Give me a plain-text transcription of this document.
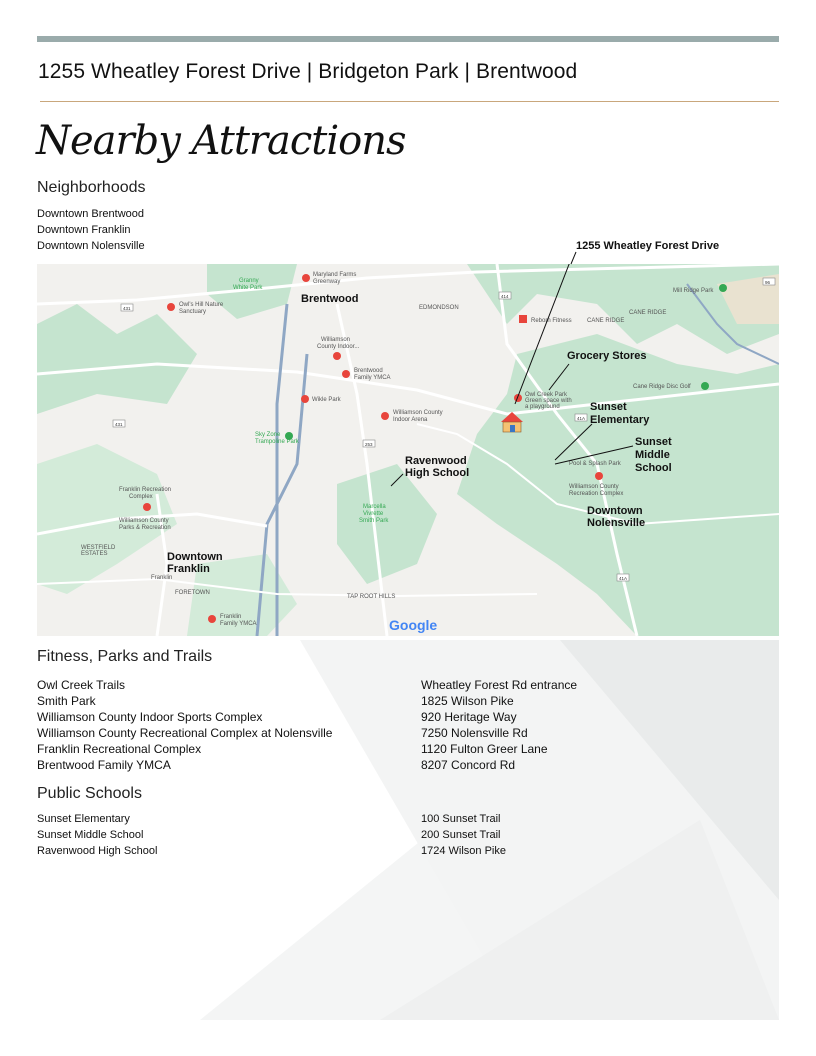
1255 Wheatley Forest Drive | Bridgeton Park | Brentwood
Nearby Attractions
Neighborhoods
Downtown Brentwood
Downtown Franklin
Downtown Nolensville
431
431
414
253
41A
41A
96
Maryland Farms
Greenway
Owl's Hill Nature
Sanctuary
Granny
White Park
EDMONDSON
Reborn Fitness	CANE RIDGE
CANE RIDGE
Mill Ridge Park
Williamson
County Indoor...
Brentwood
Family YMCA
Owl Creek Park
Green space with
a playground
Cane Ridge Disc Golf
Wikle Park
Williamson County
Indoor Arena
Sky Zone
Trampoline Park
Pool & Splash Park
Williamson County
Recreation Complex
Franklin Recreation
Complex
Williamson County
Parks & Recreation
Marcella
Vivrette
Smith Park
WESTFIELD
ESTATES
Franklin
FORETOWN
TAP ROOT HILLS
Franklin
Family YMCA
Grocery Stores
Sunset
Elementary
Sunset
Middle
School
Ravenwood
High School
Downtown
Nolensville
Downtown
Franklin
Brentwood
Google
1255 Wheatley Forest Drive
Fitness, Parks and Trails
Owl Creek Trails	Wheatley Forest Rd entrance
Smith Park	1825 Wilson Pike
Williamson County Indoor Sports Complex	920 Heritage Way
Williamson County Recreational Complex at Nolensville	7250 Nolensville Rd
Franklin Recreational Complex	1120 Fulton Greer Lane
Brentwood Family YMCA	8207 Concord Rd
Public Schools
Sunset Elementary	100 Sunset Trail
Sunset Middle School	200 Sunset Trail
Ravenwood High School	1724 Wilson Pike
